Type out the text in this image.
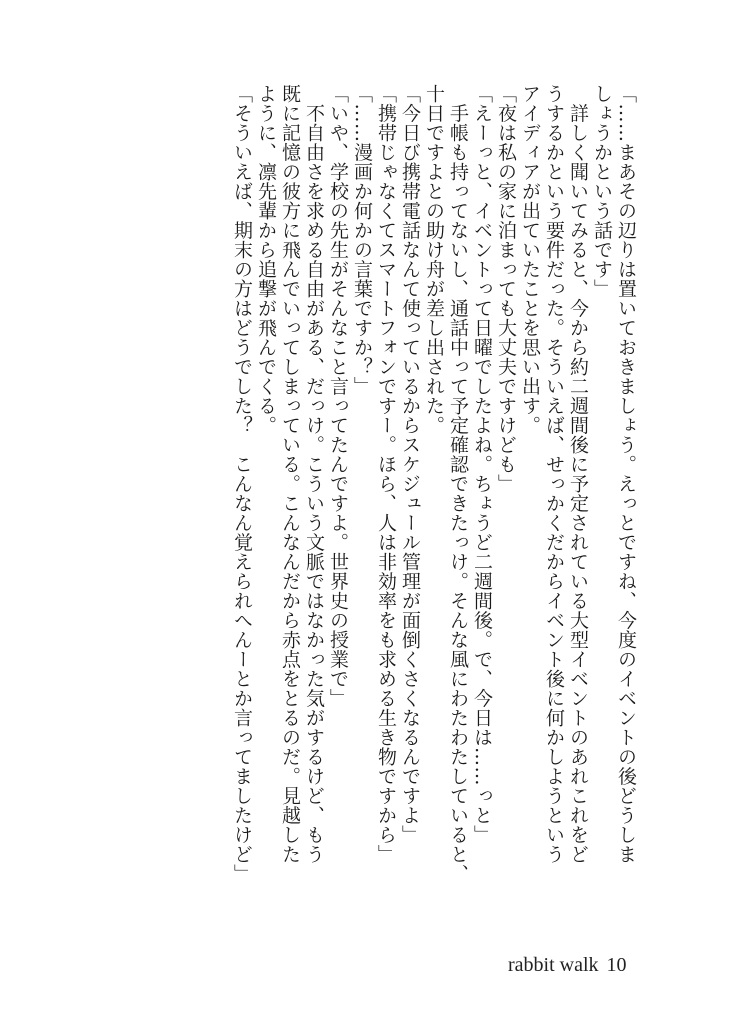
「……まあその辺りは置いておきましょう。えっとですね、今度のイベントの後どうしま
しょうかという話です」
　詳しく聞いてみると、今から約二週間後に予定されている大型イベントのあれこれをど
うするかという要件だった。そういえば、せっかくだからイベント後に何かしようという
アイディアが出ていたことを思い出す。
「夜は私の家に泊まっても大丈夫ですけども」
「えーっと、イベントって日曜でしたよね。ちょうど二週間後。で、今日は……っと」
　手帳も持ってないし、通話中って予定確認できたっけ。そんな風にわたわたしていると、
十日ですよとの助け舟が差し出された。
「今日び携帯電話なんて使っているからスケジュール管理が面倒くさくなるんですよ」
「携帯じゃなくてスマートフォンですー。ほら、人は非効率をも求める生き物ですから」
「……漫画か何かの言葉ですか？」
「いや、学校の先生がそんなこと言ってたんですよ。世界史の授業で」
　不自由さを求める自由がある、だっけ。こういう文脈ではなかった気がするけど、もう
既に記憶の彼方に飛んでいってしまっている。こんなんだから赤点をとるのだ。見越した
ように、凛先輩から追撃が飛んでくる。
「そういえば、期末の方はどうでした？　こんなん覚えられへんーとか言ってましたけど」
rabbit walk 10
